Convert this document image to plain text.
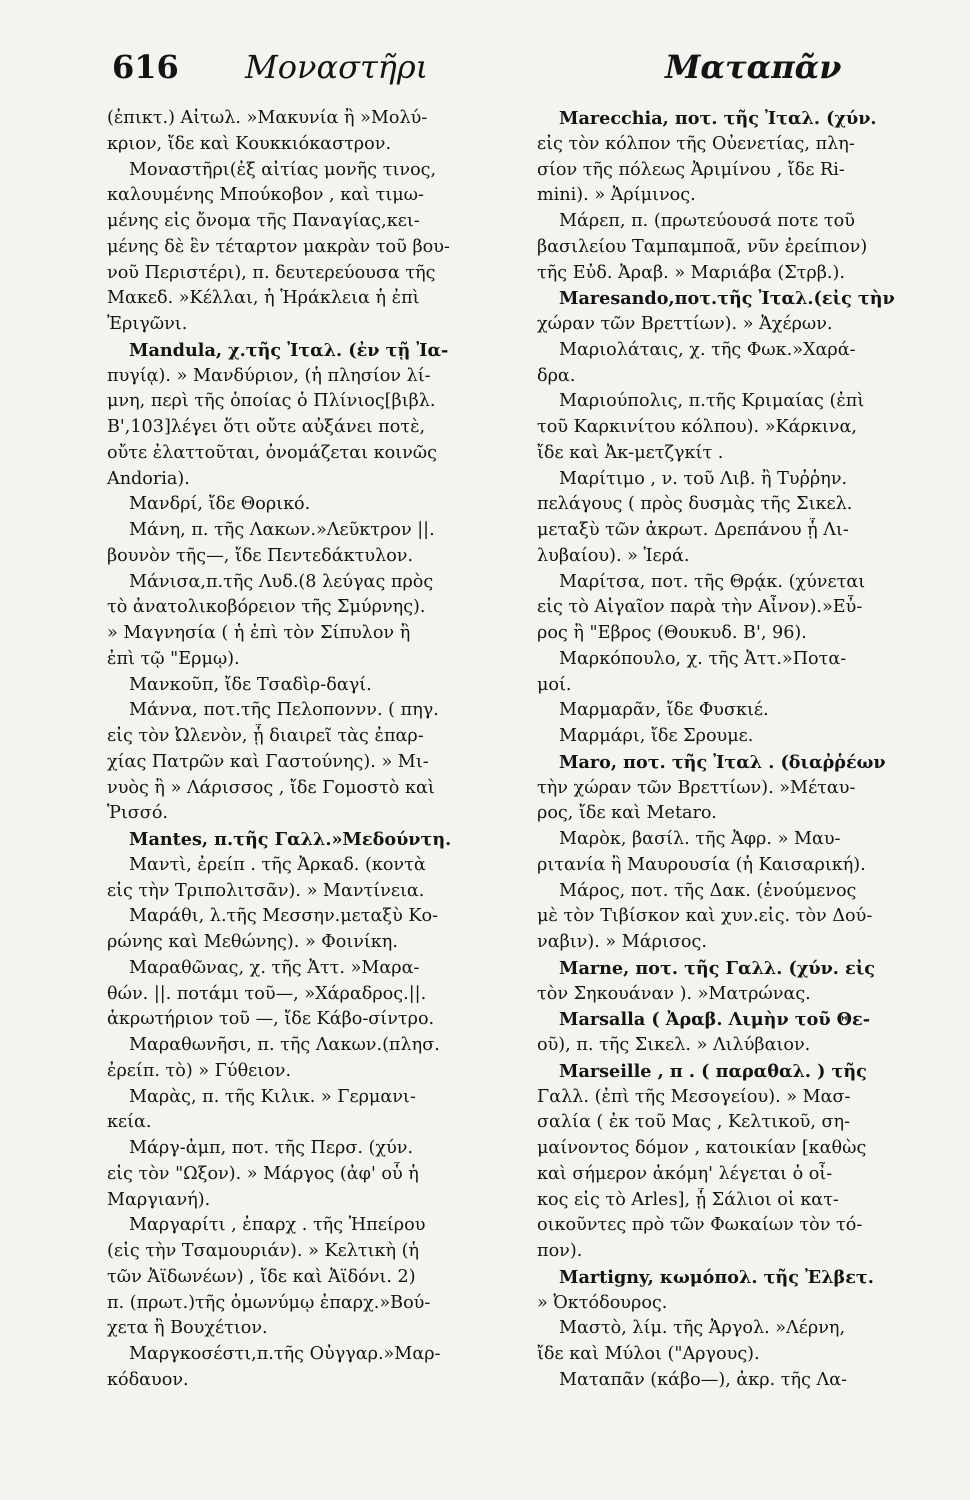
616 Μοναστῆρι	Ματαπᾶν
(ἐπικτ.) Αἰτωλ. »Μακυνία ἢ »Μολύ-
κριον, ἴδε καὶ Κουκκιόκαστρον.
Μοναστῆρι(ἐξ αἰτίας μονῆς τινος,
καλουμένης Μπούκοβον , καὶ τιμω-
μένης εἰς ὄνομα τῆς Παναγίας,κει-
μένης δὲ ἓν τέταρτον μακρὰν τοῦ βου-
νοῦ Περιστέρι), π. δευτερεύουσα τῆς
Μακεδ. »Κέλλαι, ἡ Ἡράκλεια ἡ ἐπὶ
Ἐριγῶνι.
Mandula, χ.τῆς Ἰταλ. (ἐν τῇ Ἰα-
πυγίᾳ). » Μανδύριον, (ἡ πλησίον λί-
μνη, περὶ τῆς ὁποίας ὁ Πλίνιος[βιβλ.
Β',103]λέγει ὅτι οὔτε αὐξάνει ποτὲ,
οὔτε ἐλαττοῦται, ὀνομάζεται κοινῶς
Andoria).
Μανδρί, ἴδε Θορικό.
Μάνη, π. τῆς Λακων.»Λεῦκτρον ||.
βουνὸν τῆς—, ἴδε Πεντεδάκτυλον.
Μάνισα,π.τῆς Λυδ.(8 λεύγας πρὸς
τὸ ἀνατολικοβόρειον τῆς Σμύρνης).
» Μαγνησία ( ἡ ἐπὶ τὸν Σίπυλον ἢ
ἐπὶ τῷ "Ερμῳ).
Μανκοῦπ, ἴδε Τσαδὶρ-δαγί.
Μάννα, ποτ.τῆς Πελοποννν. ( πηγ.
εἰς τὸν Ὠλενὸν, ᾗ διαιρεῖ τὰς ἐπαρ-
χίας Πατρῶν καὶ Γαστούνης). » Μι-
νυὸς ἢ » Λάρισσος , ἴδε Γομοστὸ καὶ
Ῥισσό.
Mantes, π.τῆς Γαλλ.»Μεδούντη.
Μαντὶ, ἐρείπ . τῆς Ἀρκαδ. (κοντὰ
εἰς τὴν Τριπολιτσᾶν). » Μαντίνεια.
Μαράθι, λ.τῆς Μεσσην.μεταξὺ Κο-
ρώνης καὶ Μεθώνης). » Φοινίκη.
Μαραθῶνας, χ. τῆς Ἀττ. »Μαρα-
θών. ||. ποτάμι τοῦ—, »Χάραδρος.||.
ἀκρωτήριον τοῦ —, ἴδε Κάβο-σίντρο.
Μαραθωνῆσι, π. τῆς Λακων.(πλησ.
ἐρείπ. τὸ) » Γύθειον.
Μαρὰς, π. τῆς Κιλικ. » Γερμανι-
κεία.
Μάργ-ἀμπ, ποτ. τῆς Περσ. (χύν.
εἰς τὸν "Ωξον). » Μάργος (ἀφ' οὗ ἡ
Μαργιανή).
Μαργαρίτι , ἐπαρχ . τῆς Ἠπείρου
(εἰς τὴν Τσαμουριάν). » Κελτικὴ (ἡ
τῶν Ἀϊδωνέων) , ἴδε καὶ Ἀϊδόνι. 2)
π. (πρωτ.)τῆς ὁμωνύμῳ ἐπαρχ.»Βού-
χετα ἢ Βουχέτιον.
Μαργκοσέστι,π.τῆς Οὐγγαρ.»Μαρ-
κόδαυον.
Marecchia, ποτ. τῆς Ἰταλ. (χύν.
εἰς τὸν κόλπον τῆς Οὐενετίας, πλη-
σίον τῆς πόλεως Ἀριμίνου , ἴδε Ri-
mini). » Ἀρίμινος.
Μάρεπ, π. (πρωτεύουσά ποτε τοῦ
βασιλείου Ταμπαμποᾶ, νῦν ἐρείπιον)
τῆς Εὐδ. Ἀραβ. » Μαριάβα (Στρβ.).
Maresando,ποτ.τῆς Ἰταλ.(εἰς τὴν
χώραν τῶν Βρεττίων). » Ἀχέρων.
Μαριολάταις, χ. τῆς Φωκ.»Χαρά-
δρα.
Μαριούπολις, π.τῆς Κριμαίας (ἐπὶ
τοῦ Καρκινίτου κόλπου). »Κάρκινα,
ἴδε καὶ Ἀκ-μετζγκίτ .
Μαρίτιμο , ν. τοῦ Λιβ. ἢ Τυῤῥην.
πελάγους ( πρὸς δυσμὰς τῆς Σικελ.
μεταξὺ τῶν ἀκρωτ. Δρεπάνου ᾗ Λι-
λυβαίου). » Ἱερά.
Μαρίτσα, ποτ. τῆς Θρᾴκ. (χύνεται
εἰς τὸ Αἰγαῖον παρὰ τὴν Αἶνον).»Εὖ-
ρος ἢ "Εβρος (Θουκυδ. Β', 96).
Μαρκόπουλο, χ. τῆς Ἀττ.»Ποτα-
μοί.
Μαρμαρᾶν, ἴδε Φυσκιέ.
Μαρμάρι, ἴδε Σρουμε.
Maro, ποτ. τῆς Ἰταλ . (διαῤῥέων
τὴν χώραν τῶν Βρεττίων). »Μέταυ-
ρος, ἴδε καὶ Metaro.
Μαρὸκ, βασίλ. τῆς Ἀφρ. » Μαυ-
ριτανία ἢ Μαυρουσία (ἡ Καισαρική).
Μάρος, ποτ. τῆς Δακ. (ἑνούμενος
μὲ τὸν Τιβίσκον καὶ χυν.εἰς. τὸν Δού-
ναβιν). » Μάρισος.
Marne, ποτ. τῆς Γαλλ. (χύν. εἰς
τὸν Σηκουάναν ). »Ματρώνας.
Marsalla ( Ἀραβ. Λιμὴν τοῦ Θε-
οῦ), π. τῆς Σικελ. » Λιλύβαιον.
Marseille , π . ( παραθαλ. ) τῆς
Γαλλ. (ἐπὶ τῆς Μεσογείου). » Μασ-
σαλία ( ἐκ τοῦ Μας , Κελτικοῦ, ση-
μαίνοντος δόμον , κατοικίαν [καθὼς
καὶ σήμερον ἀκόμη' λέγεται ὁ οἶ-
κος εἰς τὸ Arles], ᾗ Σάλιοι οἱ κατ-
οικοῦντες πρὸ τῶν Φωκαίων τὸν τό-
πον).
Martigny, κωμόπολ. τῆς Ἐλβετ.
» Ὀκτόδουρος.
Μαστὸ, λίμ. τῆς Ἀργολ. »Λέρνη,
ἴδε καὶ Μύλοι ("Αργους).
Ματαπᾶν (κάβο—), ἀκρ. τῆς Λα-
